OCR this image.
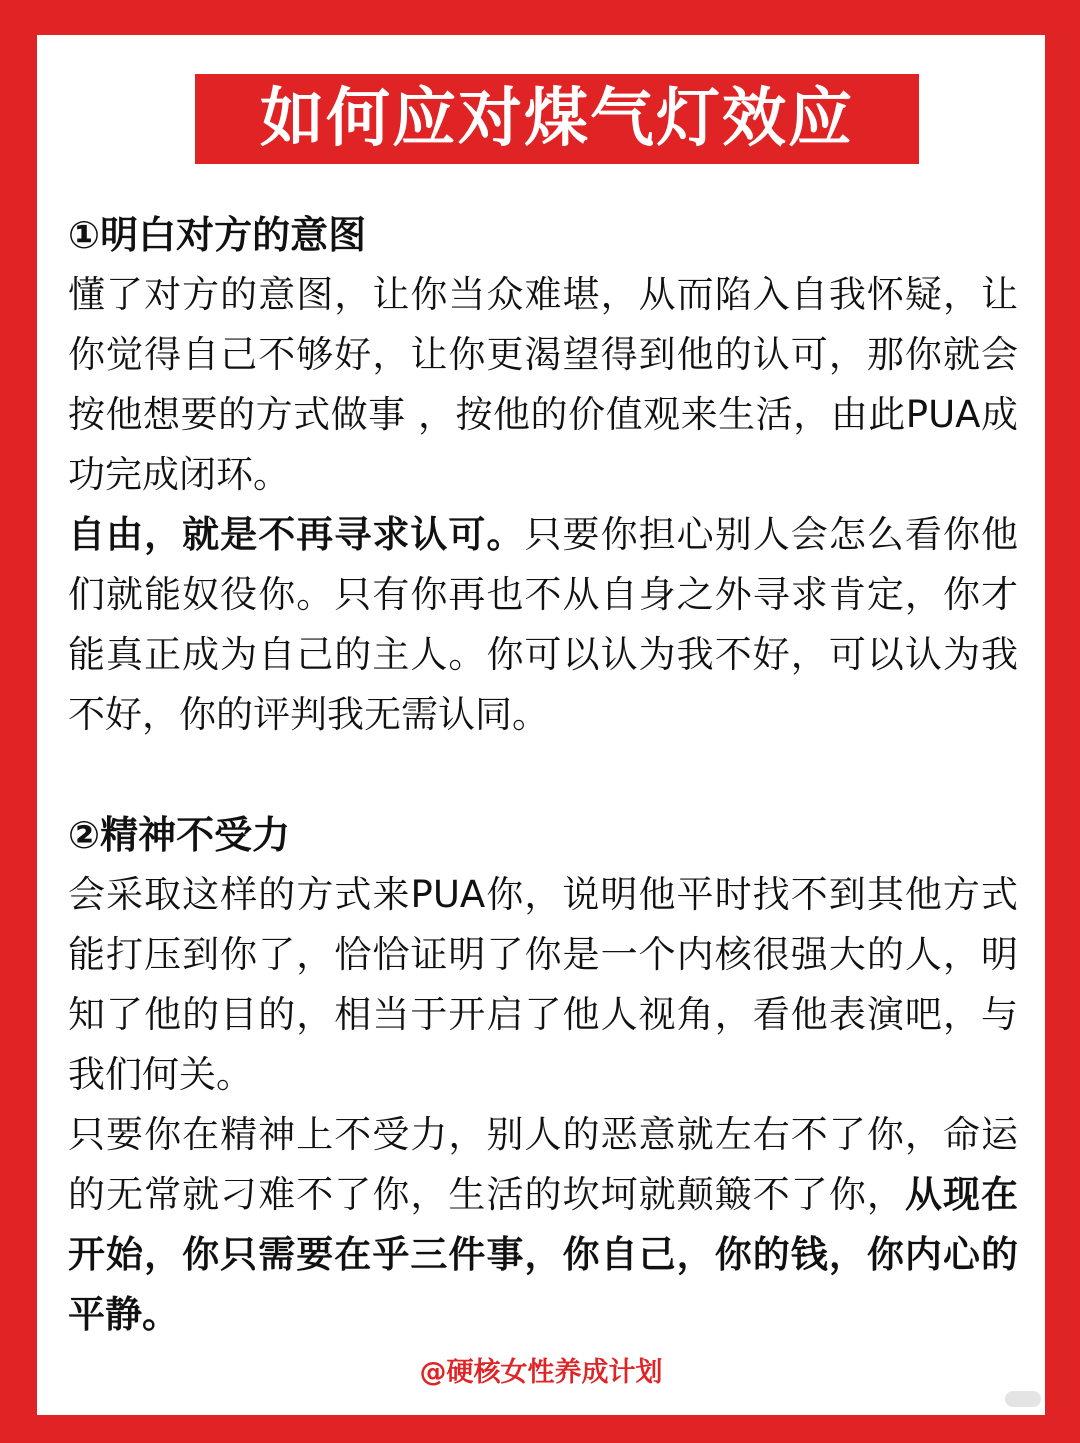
如何应对煤气灯效应
①明白对方的意图
懂了对方的意图，让你当众难堪，从而陷入自我怀疑，让你觉得自己不够好，让你更渴望得到他的认可，那你就会按他想要的方式做事 ，按他的价值观来生活，由此PUA成功完成闭环。
自由，就是不再寻求认可。只要你担心别人会怎么看你他们就能奴役你。只有你再也不从自身之外寻求肯定，你才能真正成为自己的主人。你可以认为我不好，可以认为我不好，你的评判我无需认同。
②精神不受力
会采取这样的方式来PUA你，说明他平时找不到其他方式能打压到你了，恰恰证明了你是一个内核很强大的人，明知了他的目的，相当于开启了他人视角，看他表演吧，与我们何关。
只要你在精神上不受力，别人的恶意就左右不了你，命运的无常就刁难不了你，生活的坎坷就颠簸不了你，从现在开始，你只需要在乎三件事，你自己，你的钱，你内心的平静。
@硬核女性养成计划
